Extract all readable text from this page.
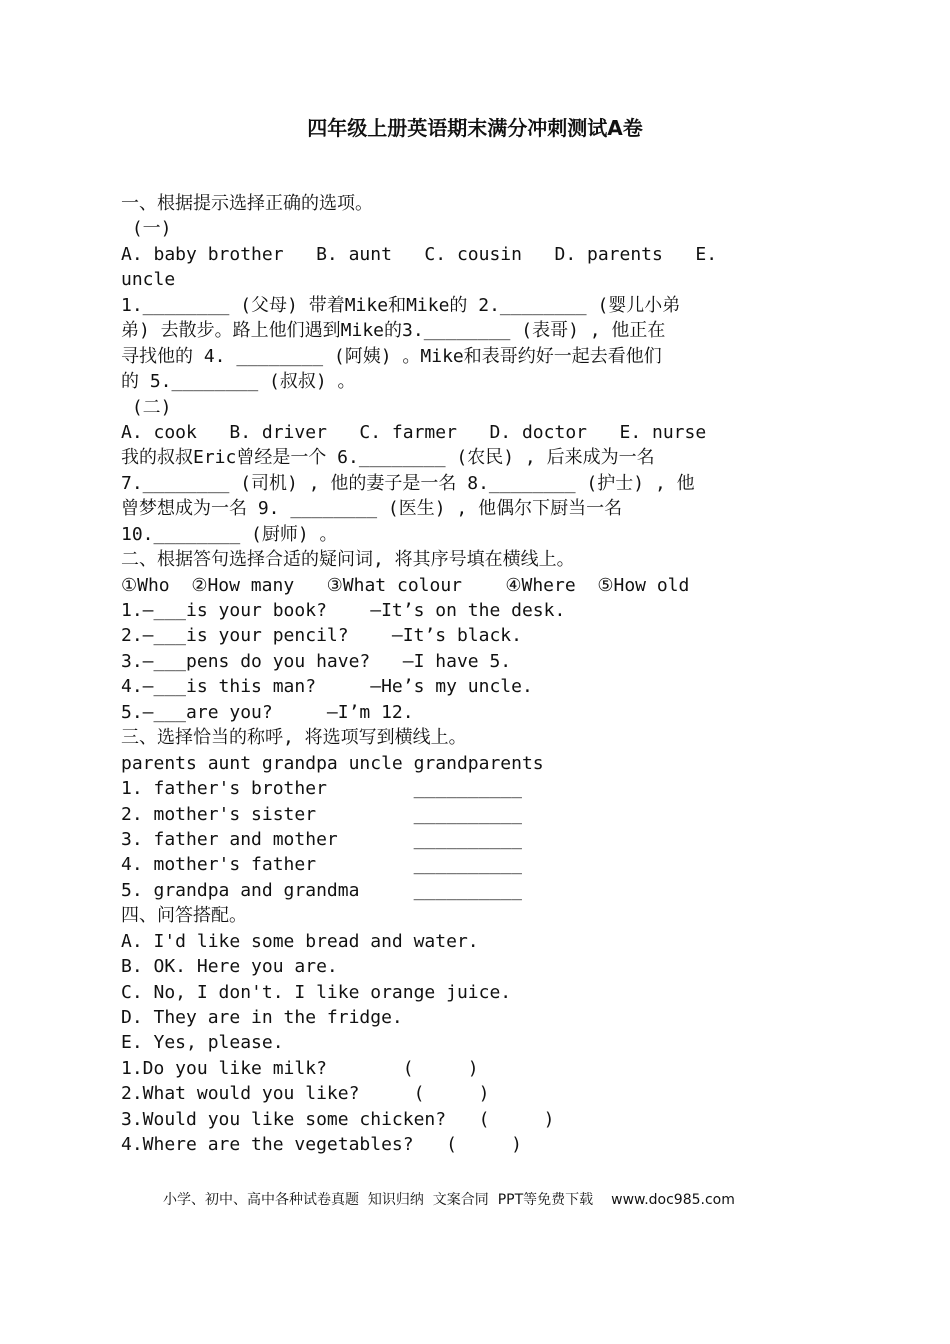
四年级上册英语期末满分冲刺测试A卷
一、根据提示选择正确的选项。
(一)
A. baby brother   B. aunt   C. cousin   D. parents   E.
uncle
1.________ (父母) 带着Mike和Mike的 2.________ (婴儿小弟
弟) 去散步。路上他们遇到Mike的3.________ (表哥) , 他正在
寻找他的 4. ________ (阿姨) 。Mike和表哥约好一起去看他们
的 5.________ (叔叔) 。
(二)
A. cook   B. driver   C. farmer   D. doctor   E. nurse
我的叔叔Eric曾经是一个 6.________ (农民) , 后来成为一名
7.________ (司机) , 他的妻子是一名 8.________ (护士) , 他
曾梦想成为一名 9. ________ (医生) , 他偶尔下厨当一名
10.________ (厨师) 。
二、根据答句选择合适的疑问词, 将其序号填在横线上。
①Who  ②How many   ③What colour    ④Where  ⑤How old
1.—___is your book?    —It’s on the desk.
2.—___is your pencil?    —It’s black.
3.—___pens do you have?   —I have 5.
4.—___is this man?     —He’s my uncle.
5.—___are you?     —I’m 12.
三、选择恰当的称呼, 将选项写到横线上。
parents aunt grandpa uncle grandparents
1. father's brother        __________
2. mother's sister         __________
3. father and mother       __________
4. mother's father         __________
5. grandpa and grandma     __________
四、问答搭配。
A. I'd like some bread and water.
B. OK. Here you are.
C. No, I don't. I like orange juice.
D. They are in the fridge.
E. Yes, please.
1.Do you like milk?       (     )
2.What would you like?     (     )
3.Would you like some chicken?   (     )
4.Where are the vegetables?   (     )
小学、初中、高中各种试卷真题  知识归纳  文案合同  PPT等免费下载 www.doc985.com
